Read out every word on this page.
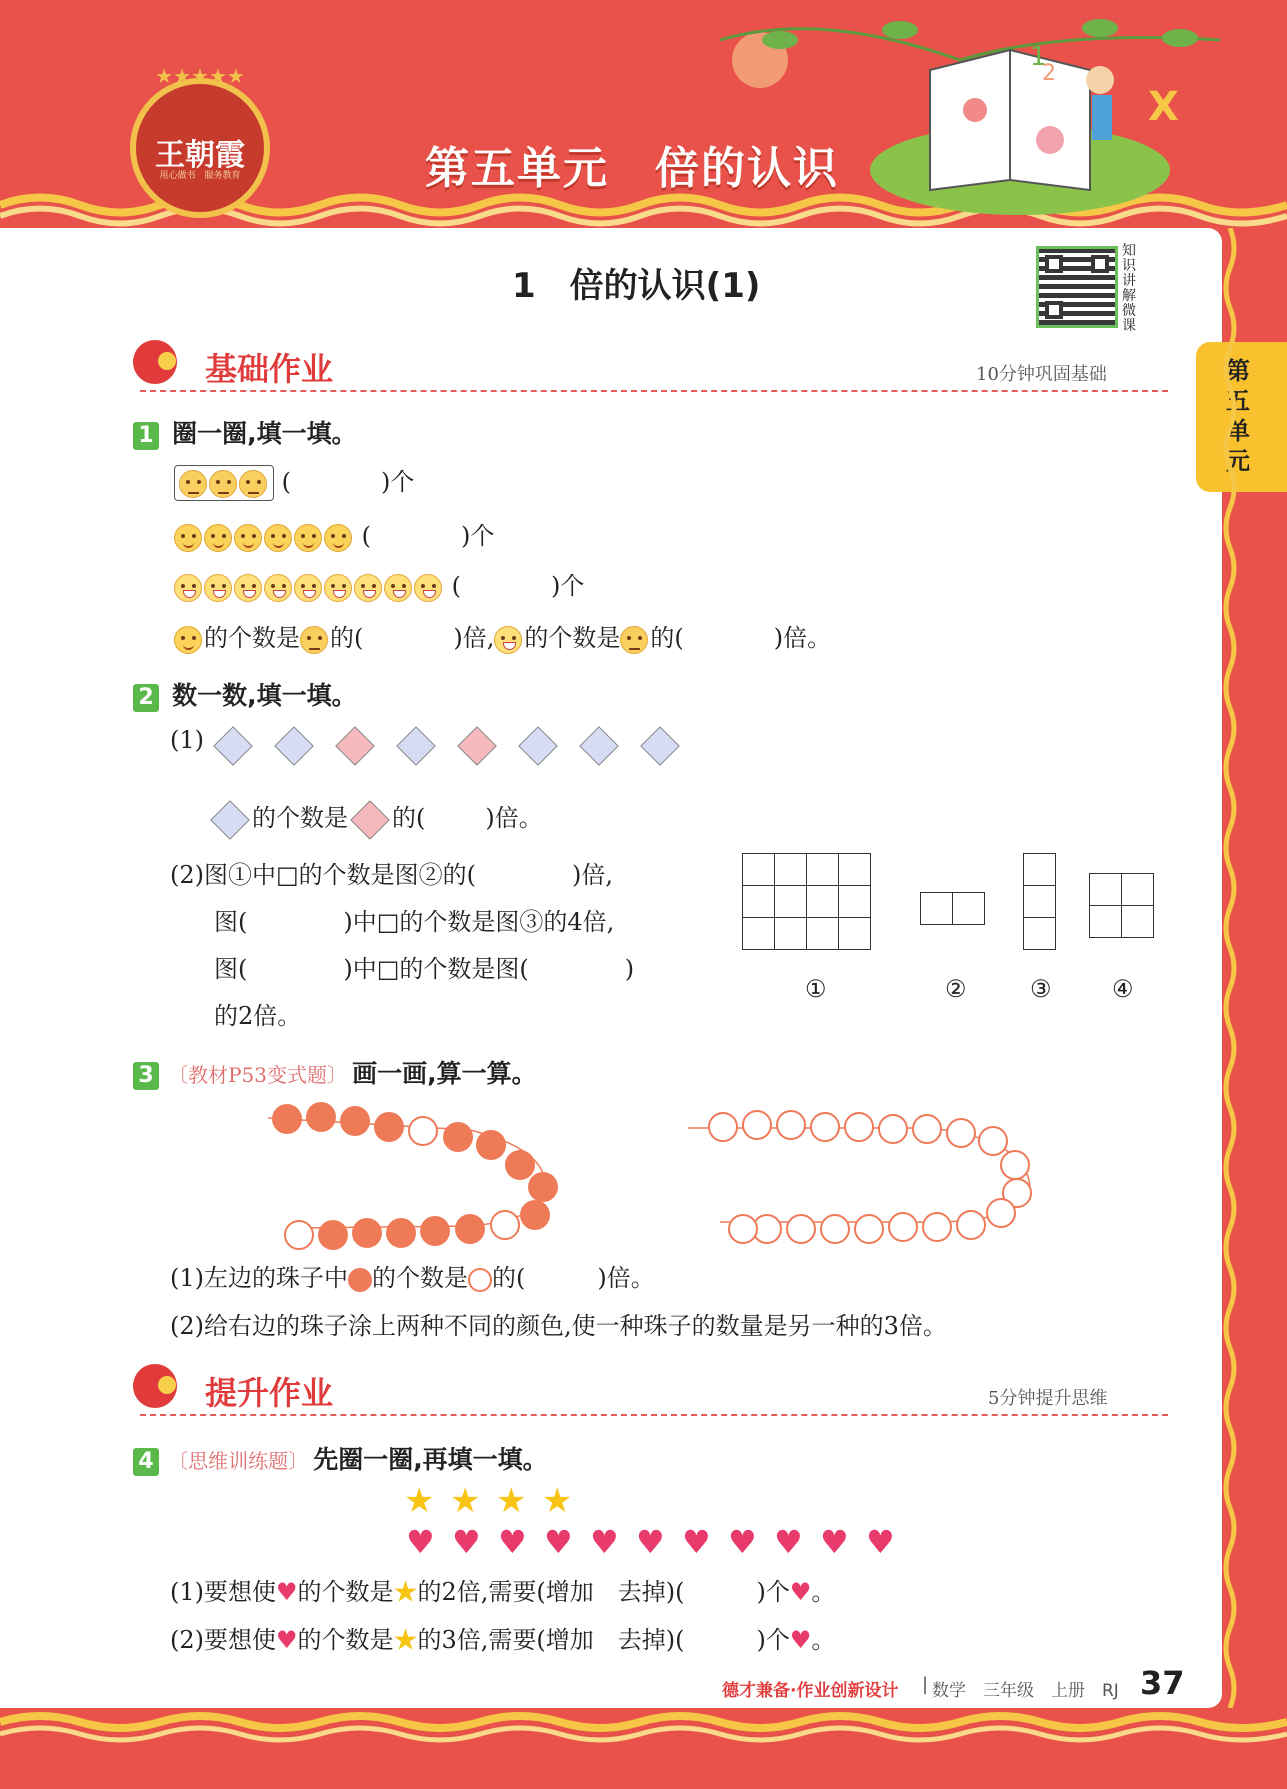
1
2
X
★★★★★
王朝霞
用心做书　服务教育	第五单元　倍的认识
第五单元
1　倍的认识(1)
知识讲解微课
基础作业	10分钟巩固基础
1 圈一圈,填一填。
(	)个
(	)个
(	)个
的个数是 的(	)倍, 的个数是 的(	)倍。
2 数一数,填一填。
(1)
的个数是 的(	)倍。
(2)图①中□的个数是图②的(　　　　)倍,
图(　　　　)中□的个数是图③的4倍,
图(　　　　)中□的个数是图(　　　　)
的2倍。

①	②	③	④
3 〔教材P53变式题〕 画一画,算一算。
(1)左边的珠子中 的个数是 的(　　　)倍。
(2)给右边的珠子涂上两种不同的颜色,使一种珠子的数量是另一种的3倍。
提升作业	5分钟提升思维
4 〔思维训练题〕 先圈一圈,再填一填。
★ ★ ★ ★
♥ ♥ ♥ ♥ ♥ ♥ ♥ ♥ ♥ ♥ ♥
(1)要想使♥的个数是★的2倍,需要(增加　去掉)(　　　)个♥。
(2)要想使♥的个数是★的3倍,需要(增加　去掉)(　　　)个♥。
德才兼备·作业创新设计 | 数学　三年级　上册　RJ 37
